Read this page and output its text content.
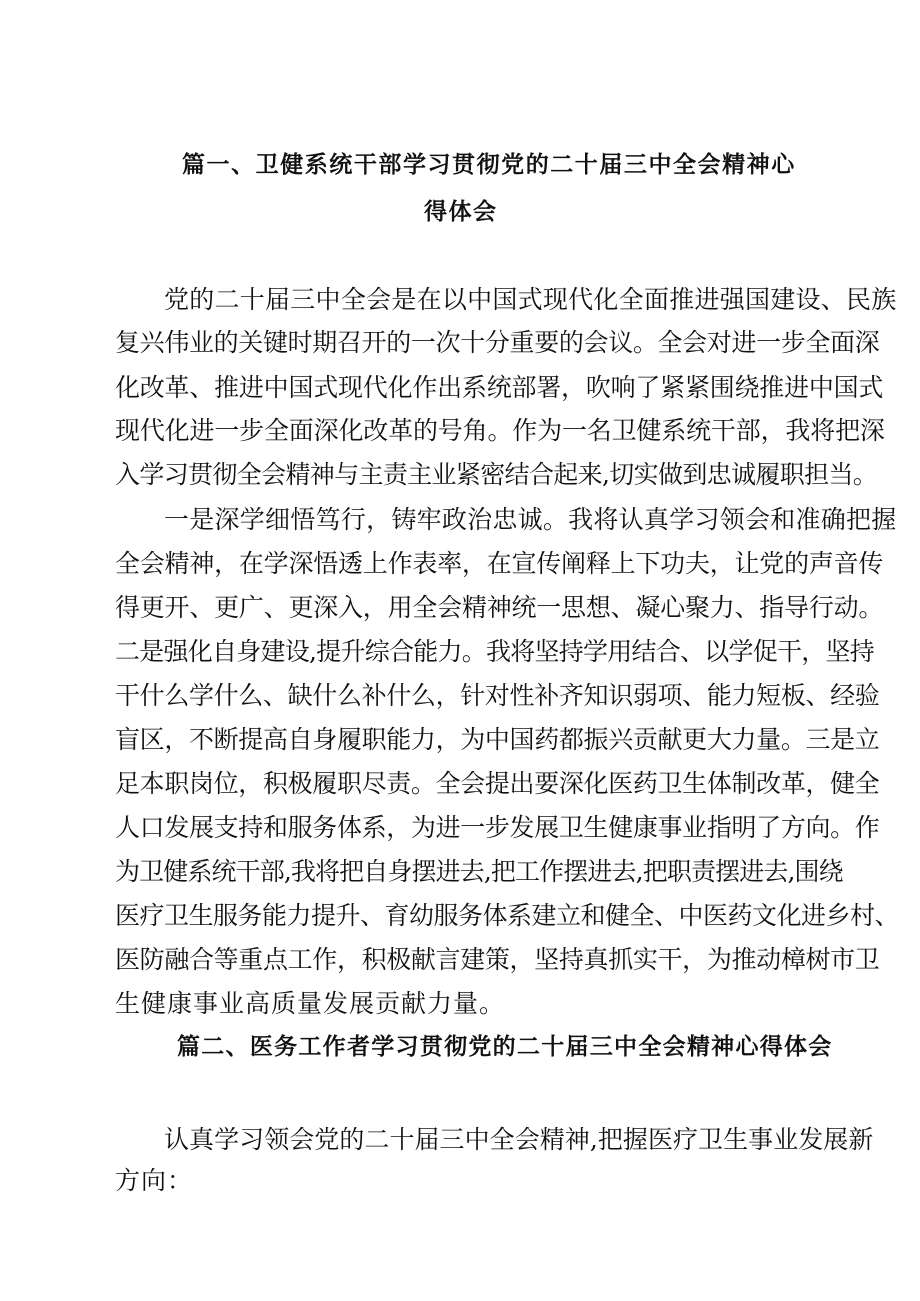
篇一、卫健系统干部学习贯彻党的二十届三中全会精神心
得体会
党的二十届三中全会是在以中国式现代化全面推进强国建设、民族
复兴伟业的关键时期召开的一次十分重要的会议。全会对进一步全面深
化改革、推进中国式现代化作出系统部署，吹响了紧紧围绕推进中国式
现代化进一步全面深化改革的号角。作为一名卫健系统干部，我将把深
入学习贯彻全会精神与主责主业紧密结合起来,切实做到忠诚履职担当。
一是深学细悟笃行，铸牢政治忠诚。我将认真学习领会和准确把握
全会精神，在学深悟透上作表率，在宣传阐释上下功夫，让党的声音传
得更开、更广、更深入，用全会精神统一思想、凝心聚力、指导行动。
二是强化自身建设,提升综合能力。我将坚持学用结合、以学促干，坚持
干什么学什么、缺什么补什么，针对性补齐知识弱项、能力短板、经验
盲区，不断提高自身履职能力，为中国药都振兴贡献更大力量。三是立
足本职岗位，积极履职尽责。全会提出要深化医药卫生体制改革，健全
人口发展支持和服务体系，为进一步发展卫生健康事业指明了方向。作
为卫健系统干部,我将把自身摆进去,把工作摆进去,把职责摆进去,围绕
医疗卫生服务能力提升、育幼服务体系建立和健全、中医药文化进乡村、
医防融合等重点工作，积极献言建策，坚持真抓实干，为推动樟树市卫
生健康事业高质量发展贡献力量。
篇二、医务工作者学习贯彻党的二十届三中全会精神心得体会
认真学习领会党的二十届三中全会精神,把握医疗卫生事业发展新
方向：
